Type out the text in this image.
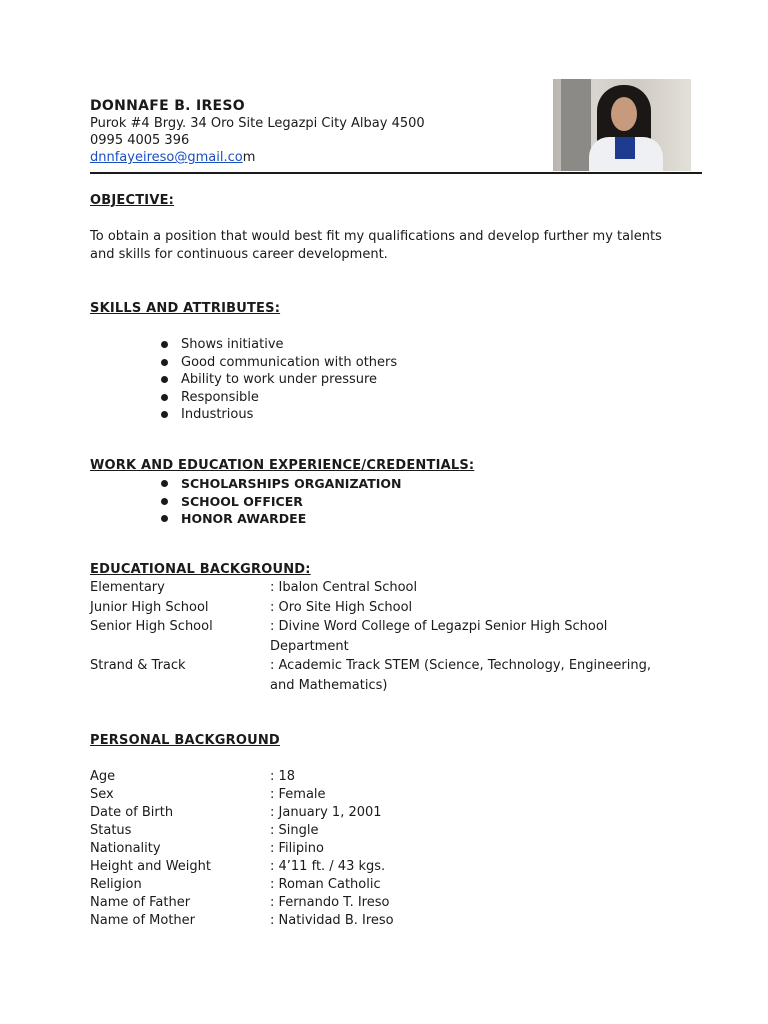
DONNAFE B. IRESO
Purok #4 Brgy. 34 Oro Site Legazpi City Albay 4500
0995 4005 396
dnnfayeireso@gmail.com
OBJECTIVE:
To obtain a position that would best fit my qualifications and develop further my talents and skills for continuous career development.
SKILLS AND ATTRIBUTES:
Shows initiative
Good communication with others
Ability to work under pressure
Responsible
Industrious
WORK AND EDUCATION EXPERIENCE/CREDENTIALS:
SCHOLARSHIPS ORGANIZATION
SCHOOL OFFICER
HONOR AWARDEE
EDUCATIONAL BACKGROUND:
Elementary	: Ibalon Central School
Junior High School	: Oro Site High School
Senior High School	: Divine Word College of Legazpi Senior High School
Department
Strand & Track	: Academic Track STEM (Science, Technology, Engineering,
and Mathematics)
PERSONAL BACKGROUND
Age	: 18
Sex	: Female
Date of Birth	: January 1, 2001
Status	: Single
Nationality	: Filipino
Height and Weight	: 4’11 ft. / 43 kgs.
Religion	: Roman Catholic
Name of Father	: Fernando T. Ireso
Name of Mother	: Natividad B. Ireso
